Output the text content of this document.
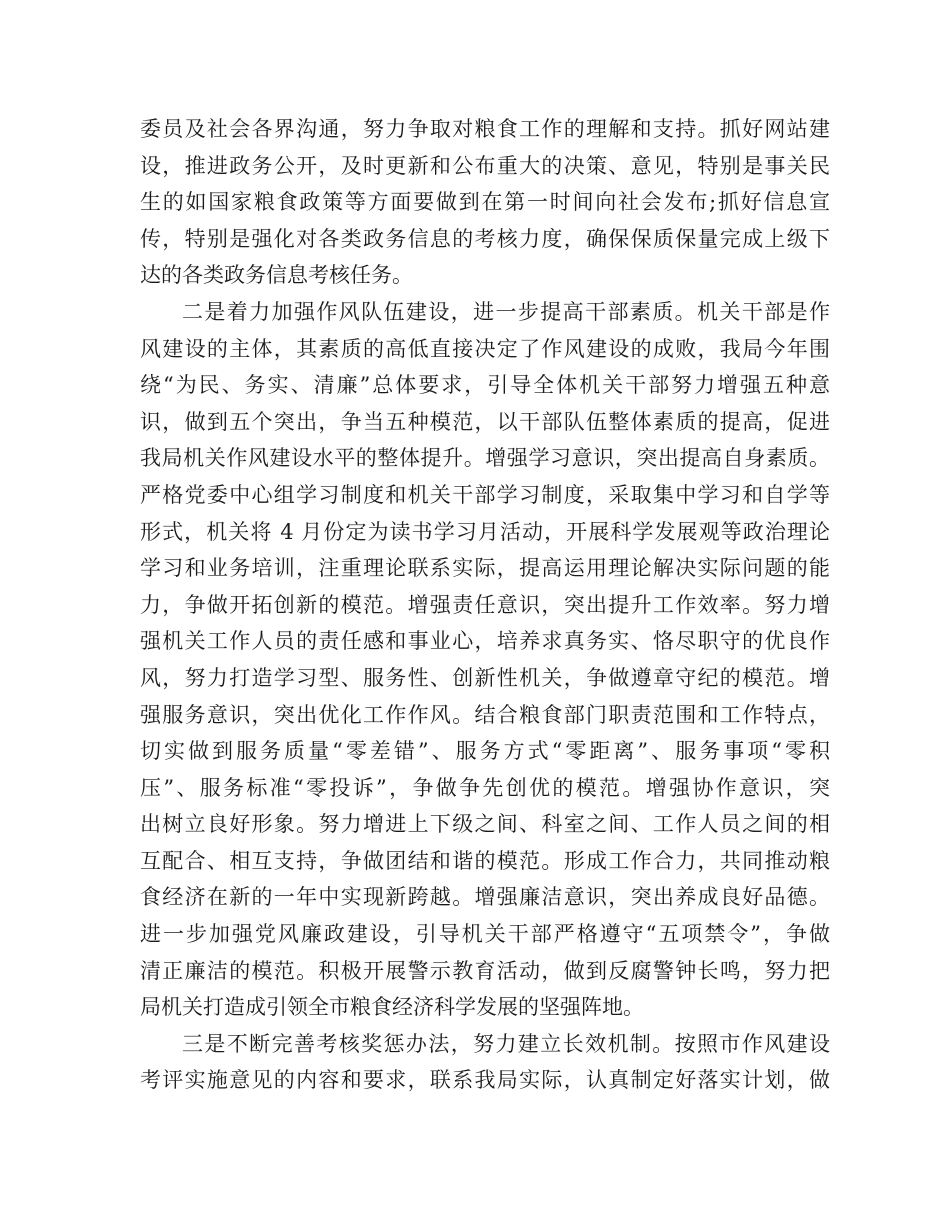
委员及社会各界沟通，努力争取对粮食工作的理解和支持。抓好网站建
设，推进政务公开，及时更新和公布重大的决策、意见，特别是事关民
生的如国家粮食政策等方面要做到在第一时间向社会发布;抓好信息宣
传，特别是强化对各类政务信息的考核力度，确保保质保量完成上级下
达的各类政务信息考核任务。
二是着力加强作风队伍建设，进一步提高干部素质。机关干部是作
风建设的主体，其素质的高低直接决定了作风建设的成败，我局今年围
绕“为民、务实、清廉”总体要求，引导全体机关干部努力增强五种意
识，做到五个突出，争当五种模范，以干部队伍整体素质的提高，促进
我局机关作风建设水平的整体提升。增强学习意识，突出提高自身素质。
严格党委中心组学习制度和机关干部学习制度，采取集中学习和自学等
形式，机关将 4 月份定为读书学习月活动，开展科学发展观等政治理论
学习和业务培训，注重理论联系实际，提高运用理论解决实际问题的能
力，争做开拓创新的模范。增强责任意识，突出提升工作效率。努力增
强机关工作人员的责任感和事业心，培养求真务实、恪尽职守的优良作
风，努力打造学习型、服务性、创新性机关，争做遵章守纪的模范。增
强服务意识，突出优化工作作风。结合粮食部门职责范围和工作特点，
切实做到服务质量“零差错”、服务方式“零距离”、服务事项“零积
压”、服务标准“零投诉”，争做争先创优的模范。增强协作意识，突
出树立良好形象。努力增进上下级之间、科室之间、工作人员之间的相
互配合、相互支持，争做团结和谐的模范。形成工作合力，共同推动粮
食经济在新的一年中实现新跨越。增强廉洁意识，突出养成良好品德。
进一步加强党风廉政建设，引导机关干部严格遵守“五项禁令”，争做
清正廉洁的模范。积极开展警示教育活动，做到反腐警钟长鸣，努力把
局机关打造成引领全市粮食经济科学发展的坚强阵地。
三是不断完善考核奖惩办法，努力建立长效机制。按照市作风建设
考评实施意见的内容和要求，联系我局实际，认真制定好落实计划，做
